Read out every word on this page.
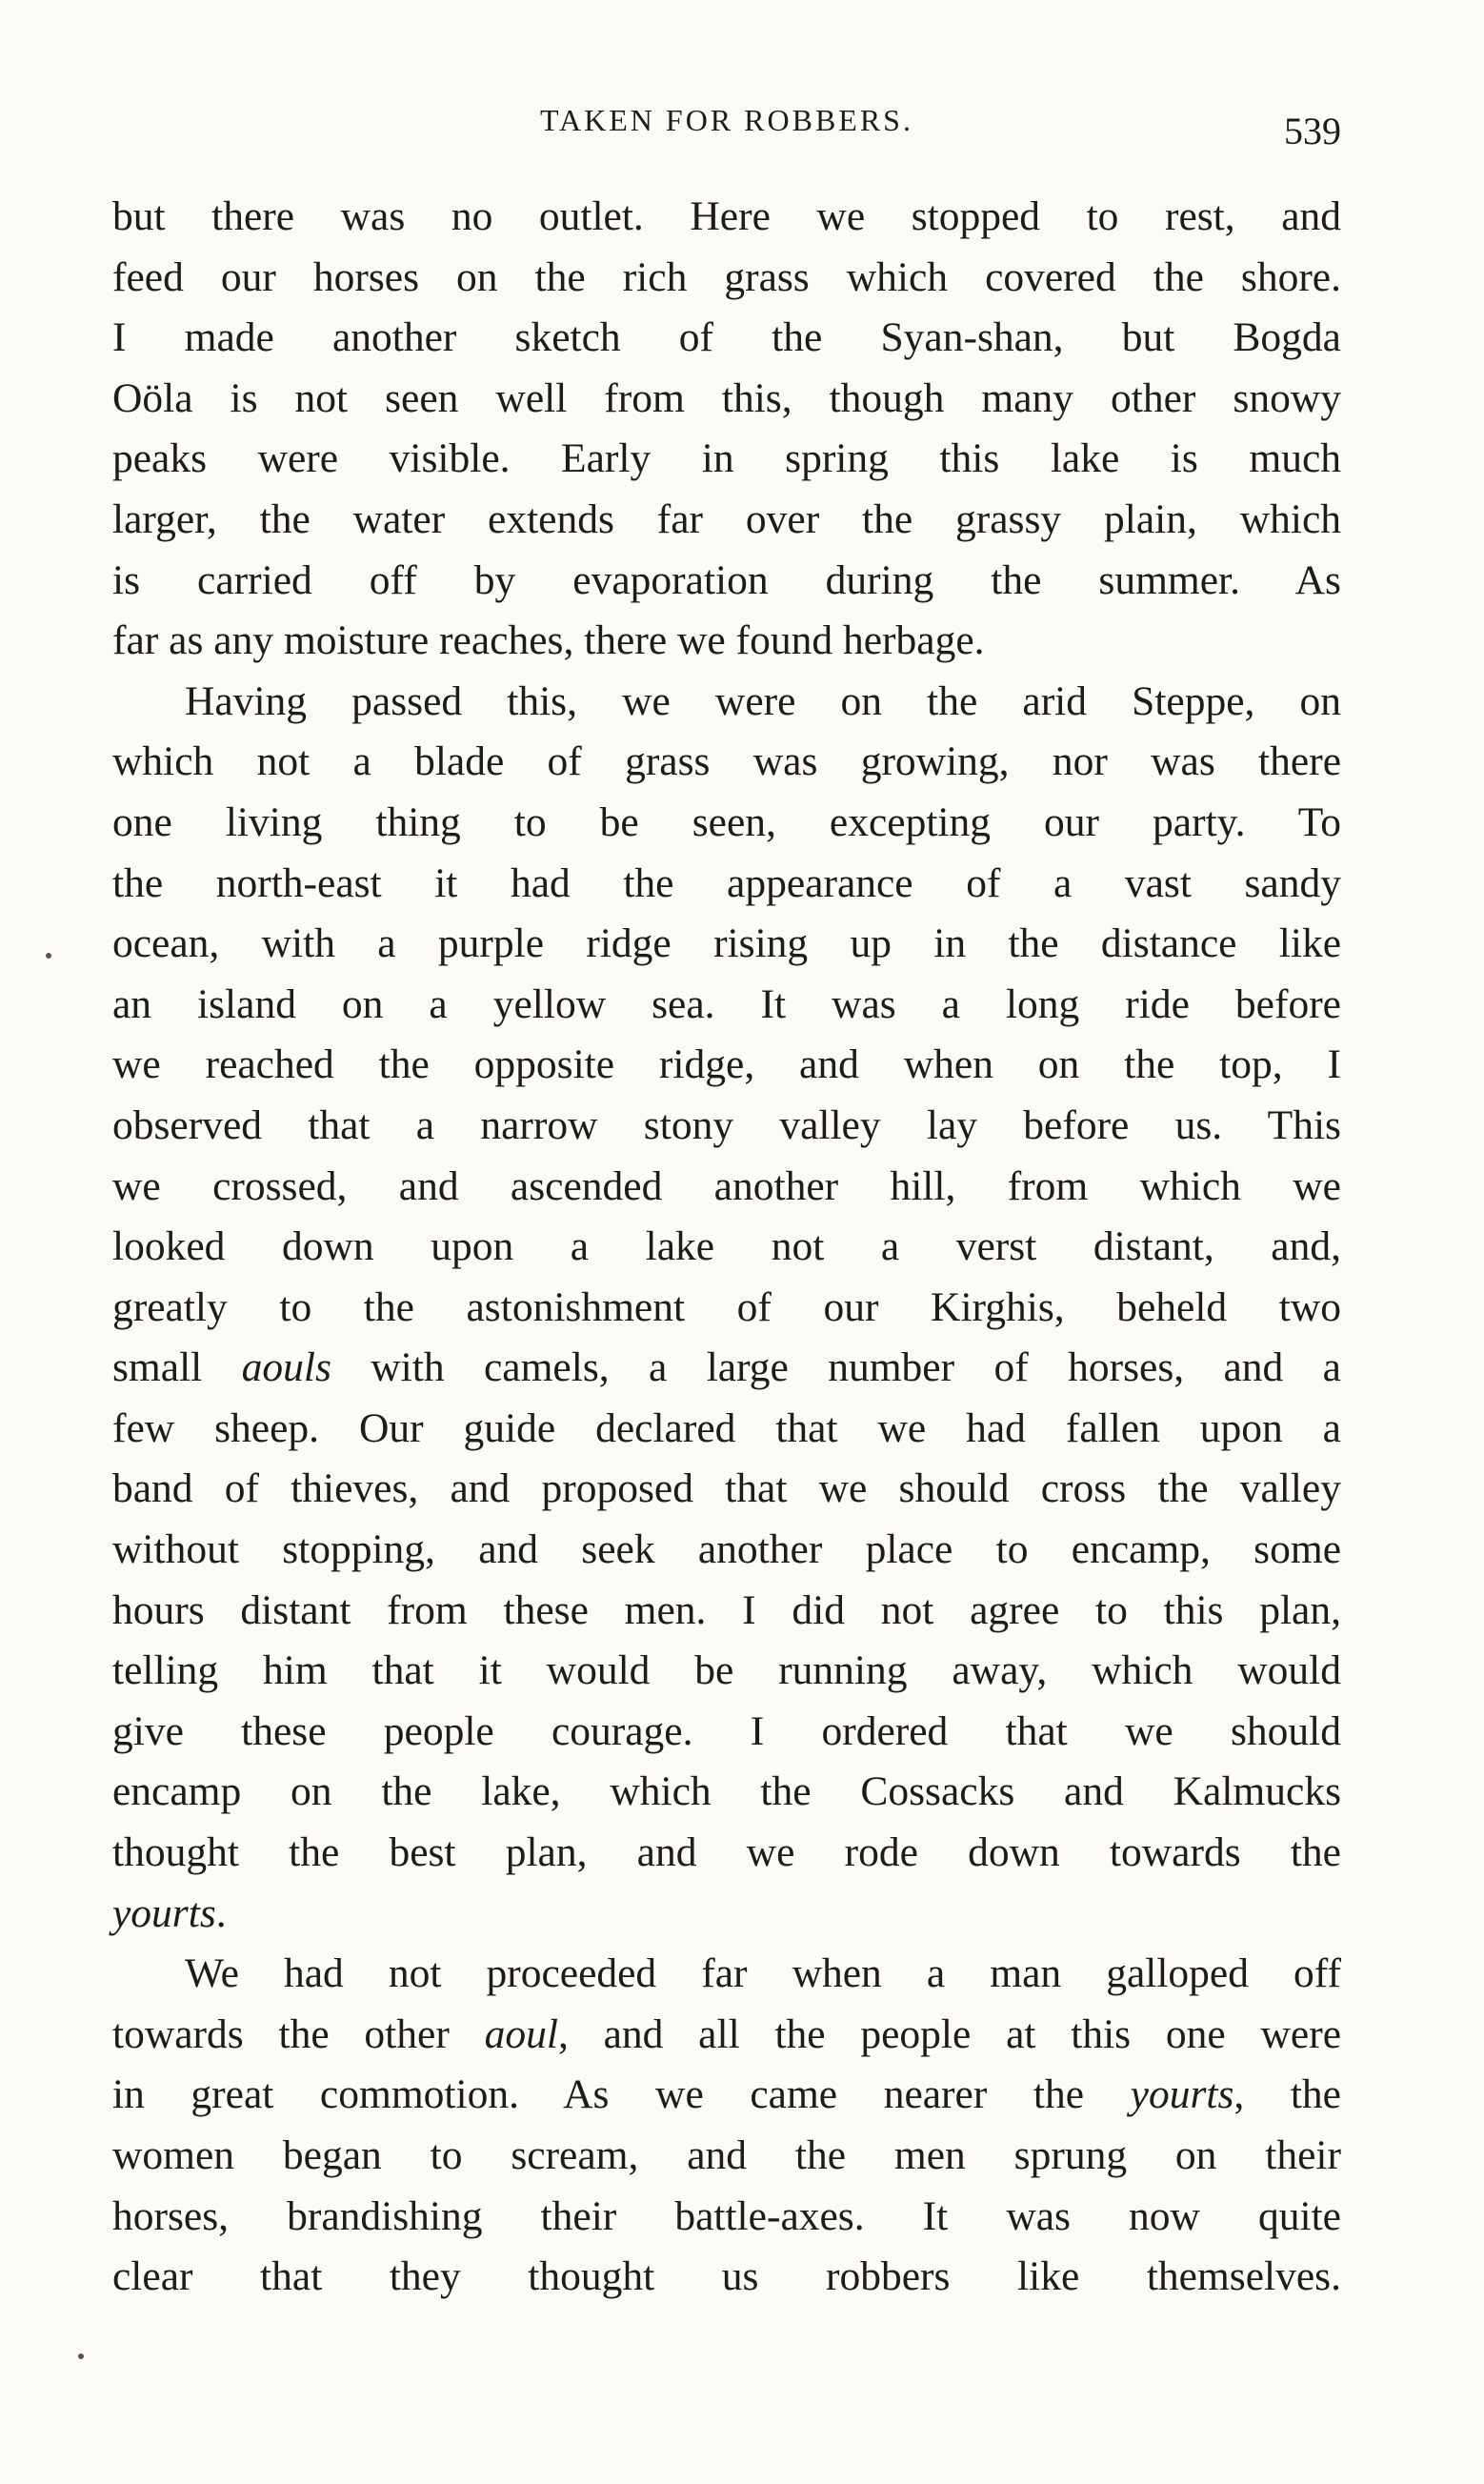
TAKEN FOR ROBBERS.	539
but there was no outlet. Here we stopped to rest, and
feed our horses on the rich grass which covered the shore.
I made another sketch of the Syan-shan, but Bogda
Oöla is not seen well from this, though many other snowy
peaks were visible. Early in spring this lake is much
larger, the water extends far over the grassy plain, which
is carried off by evaporation during the summer. As
far as any moisture reaches, there we found herbage.
Having passed this, we were on the arid Steppe, on
which not a blade of grass was growing, nor was there
one living thing to be seen, excepting our party. To
the north-east it had the appearance of a vast sandy
ocean, with a purple ridge rising up in the distance like
an island on a yellow sea. It was a long ride before
we reached the opposite ridge, and when on the top, I
observed that a narrow stony valley lay before us. This
we crossed, and ascended another hill, from which we
looked down upon a lake not a verst distant, and,
greatly to the astonishment of our Kirghis, beheld two
small aouls with camels, a large number of horses, and a
few sheep. Our guide declared that we had fallen upon a
band of thieves, and proposed that we should cross the valley
without stopping, and seek another place to encamp, some
hours distant from these men. I did not agree to this plan,
telling him that it would be running away, which would
give these people courage. I ordered that we should
encamp on the lake, which the Cossacks and Kalmucks
thought the best plan, and we rode down towards the
yourts.
We had not proceeded far when a man galloped off
towards the other aoul, and all the people at this one were
in great commotion. As we came nearer the yourts, the
women began to scream, and the men sprung on their
horses, brandishing their battle-axes. It was now quite
clear that they thought us robbers like themselves.
